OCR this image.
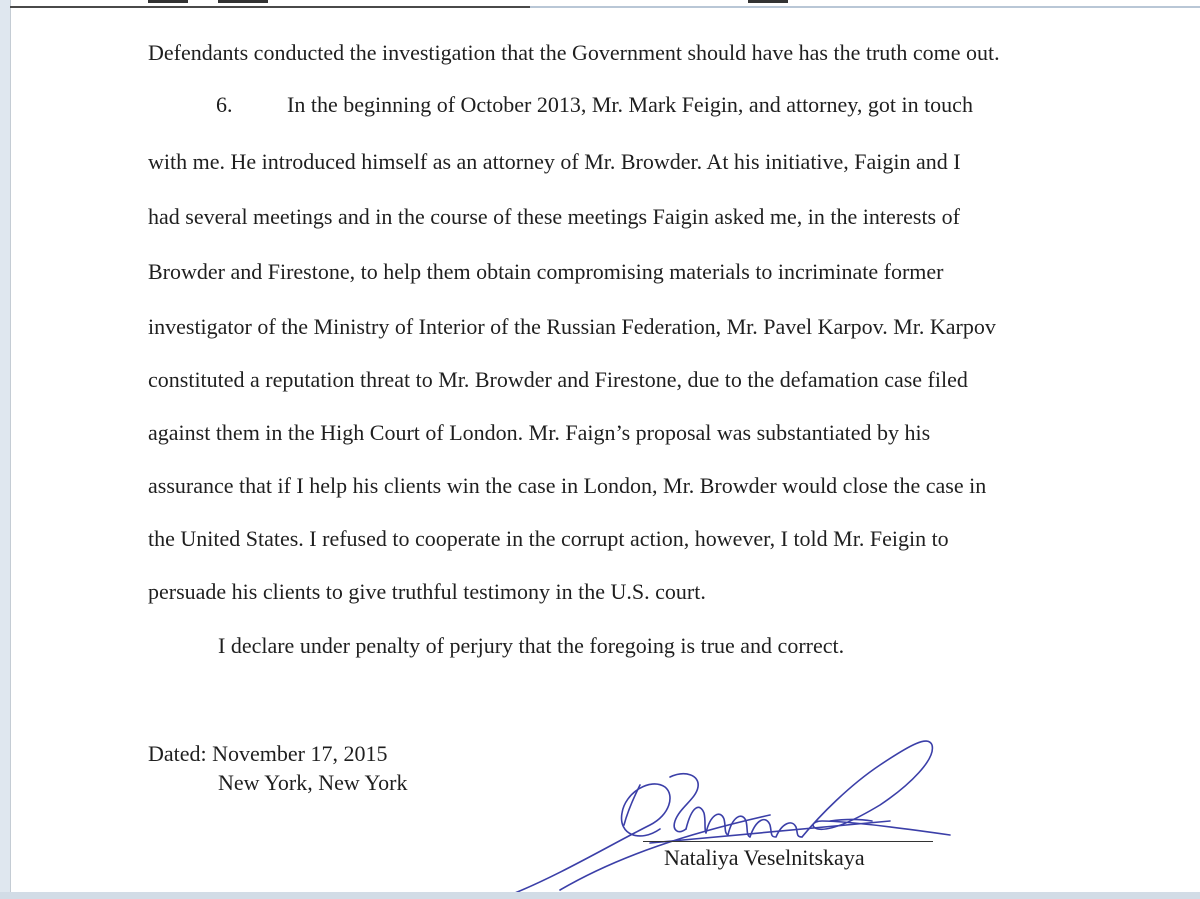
Defendants conducted the investigation that the Government should have has the truth come out.
6. In the beginning of October 2013, Mr. Mark Feigin, and attorney, got in touch
with me. He introduced himself as an attorney of Mr. Browder. At his initiative, Faigin and I
had several meetings and in the course of these meetings Faigin asked me, in the interests of
Browder and Firestone, to help them obtain compromising materials to incriminate former
investigator of the Ministry of Interior of the Russian Federation, Mr. Pavel Karpov. Mr. Karpov
constituted a reputation threat to Mr. Browder and Firestone, due to the defamation case filed
against them in the High Court of London. Mr. Faign’s proposal was substantiated by his
assurance that if I help his clients win the case in London, Mr. Browder would close the case in
the United States. I refused to cooperate in the corrupt action, however, I told Mr. Feigin to
persuade his clients to give truthful testimony in the U.S. court.
I declare under penalty of perjury that the foregoing is true and correct.
Dated: November 17, 2015
New York, New York
Nataliya Veselnitskaya
